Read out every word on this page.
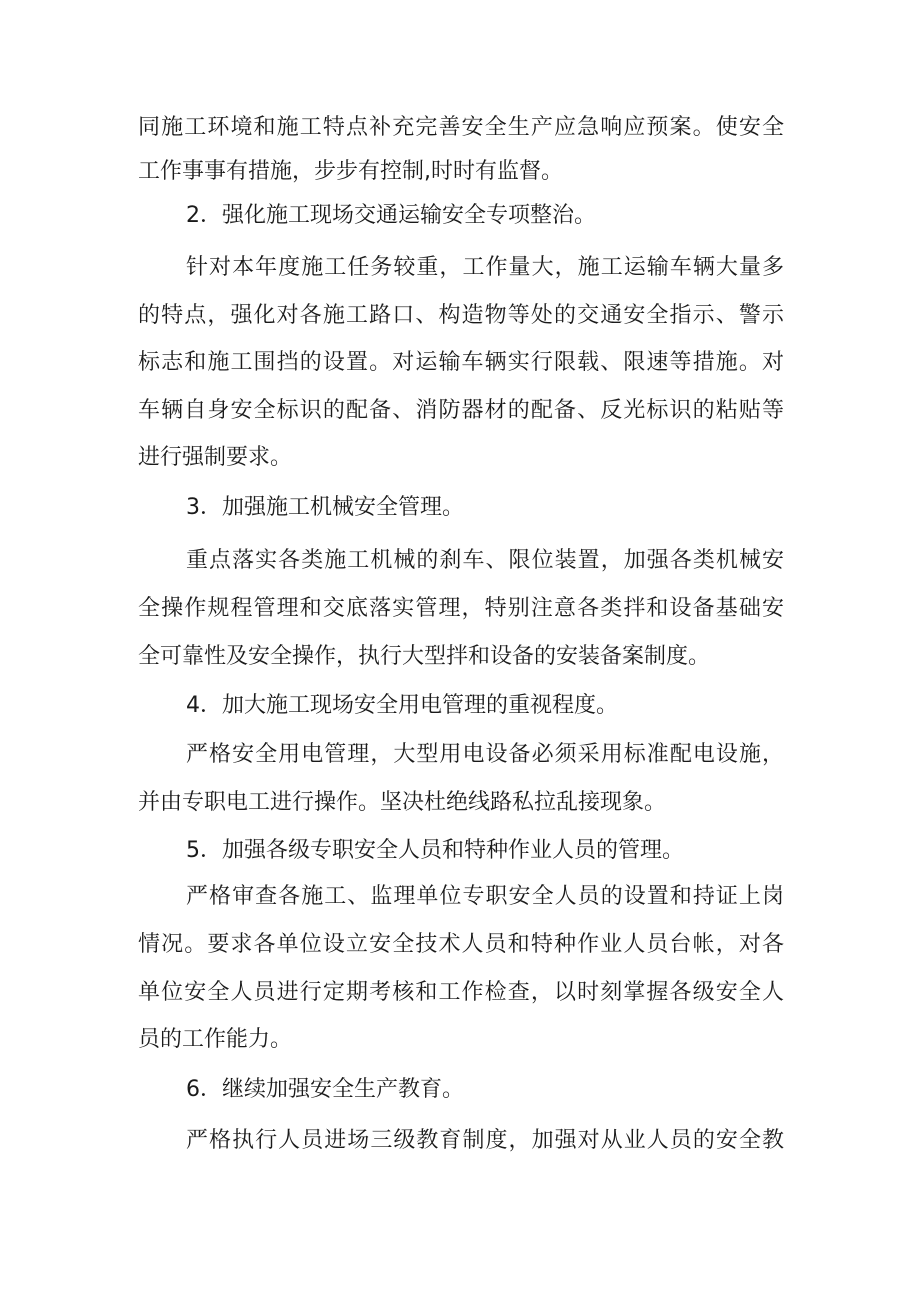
同施工环境和施工特点补充完善安全生产应急响应预案。使安全
工作事事有措施，步步有控制,时时有监督。
2．强化施工现场交通运输安全专项整治。
针对本年度施工任务较重，工作量大，施工运输车辆大量多
的特点，强化对各施工路口、构造物等处的交通安全指示、警示
标志和施工围挡的设置。对运输车辆实行限载、限速等措施。对
车辆自身安全标识的配备、消防器材的配备、反光标识的粘贴等
进行强制要求。
3．加强施工机械安全管理。
重点落实各类施工机械的刹车、限位装置，加强各类机械安
全操作规程管理和交底落实管理，特别注意各类拌和设备基础安
全可靠性及安全操作，执行大型拌和设备的安装备案制度。
4．加大施工现场安全用电管理的重视程度。
严格安全用电管理，大型用电设备必须采用标准配电设施，
并由专职电工进行操作。坚决杜绝线路私拉乱接现象。
5．加强各级专职安全人员和特种作业人员的管理。
严格审查各施工、监理单位专职安全人员的设置和持证上岗
情况。要求各单位设立安全技术人员和特种作业人员台帐，对各
单位安全人员进行定期考核和工作检查，以时刻掌握各级安全人
员的工作能力。
6．继续加强安全生产教育。
严格执行人员进场三级教育制度，加强对从业人员的安全教
